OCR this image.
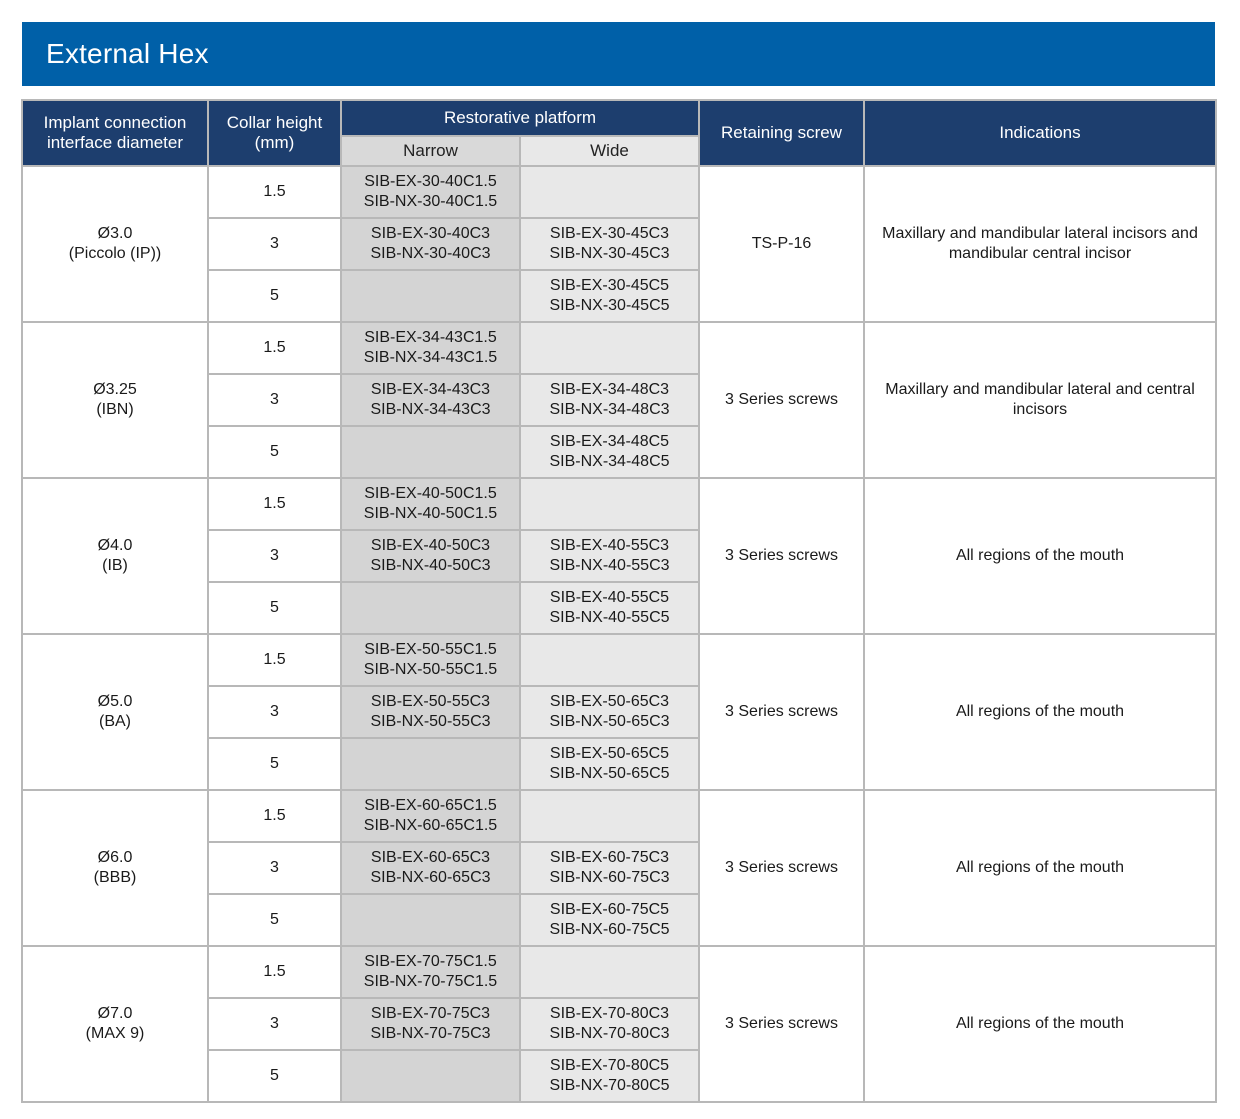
External Hex
Implant connection interface diameter	Collar height (mm)	Restorative platform		Retaining screw	Indications
		Narrow	Wide		

Ø3.0
(Piccolo (IP))	1.5	SIB-EX-30-40C1.5
SIB-NX-30-40C1.5		TS-P-16	Maxillary and mandibular lateral incisors and mandibular central incisor
	3	SIB-EX-30-40C3
SIB-NX-30-40C3	SIB-EX-30-45C3
SIB-NX-30-45C3		

	5		SIB-EX-30-45C5
SIB-NX-30-45C5		

Ø3.25
(IBN)	1.5	SIB-EX-34-43C1.5
SIB-NX-34-43C1.5		3 Series screws	Maxillary and mandibular lateral and central incisors
	3	SIB-EX-34-43C3
SIB-NX-34-43C3	SIB-EX-34-48C3
SIB-NX-34-48C3		

	5		SIB-EX-34-48C5
SIB-NX-34-48C5		

Ø4.0
(IB)	1.5	SIB-EX-40-50C1.5
SIB-NX-40-50C1.5		3 Series screws	All regions of the mouth
	3	SIB-EX-40-50C3
SIB-NX-40-50C3	SIB-EX-40-55C3
SIB-NX-40-55C3		

	5		SIB-EX-40-55C5
SIB-NX-40-55C5		

Ø5.0
(BA)	1.5	SIB-EX-50-55C1.5
SIB-NX-50-55C1.5		3 Series screws	All regions of the mouth
	3	SIB-EX-50-55C3
SIB-NX-50-55C3	SIB-EX-50-65C3
SIB-NX-50-65C3		

	5		SIB-EX-50-65C5
SIB-NX-50-65C5		

Ø6.0
(BBB)	1.5	SIB-EX-60-65C1.5
SIB-NX-60-65C1.5		3 Series screws	All regions of the mouth
	3	SIB-EX-60-65C3
SIB-NX-60-65C3	SIB-EX-60-75C3
SIB-NX-60-75C3		

	5		SIB-EX-60-75C5
SIB-NX-60-75C5		

Ø7.0
(MAX 9)	1.5	SIB-EX-70-75C1.5
SIB-NX-70-75C1.5		3 Series screws	All regions of the mouth
	3	SIB-EX-70-75C3
SIB-NX-70-75C3	SIB-EX-70-80C3
SIB-NX-70-80C3		

	5		SIB-EX-70-80C5
SIB-NX-70-80C5		
